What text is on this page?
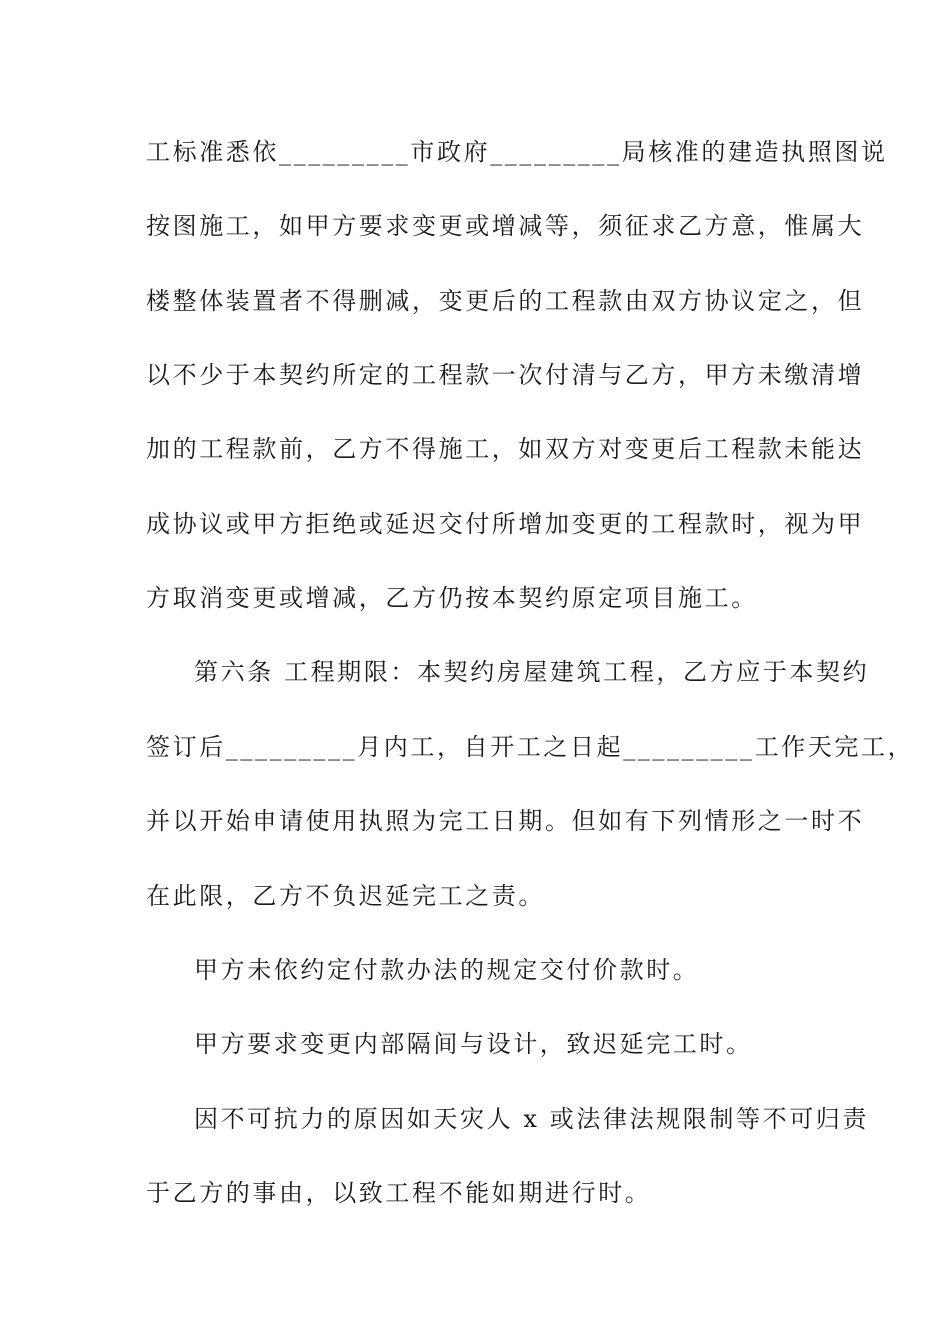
工标准悉依_________市政府_________局核准的建造执照图说

按图施工，如甲方要求变更或增减等，须征求乙方意，惟属大

楼整体装置者不得删减，变更后的工程款由双方协议定之，但

以不少于本契约所定的工程款一次付清与乙方，甲方未缴清增

加的工程款前，乙方不得施工，如双方对变更后工程款未能达

成协议或甲方拒绝或延迟交付所增加变更的工程款时，视为甲

方取消变更或增减，乙方仍按本契约原定项目施工。

第六条 工程期限：本契约房屋建筑工程，乙方应于本契约

签订后_________月内工，自开工之日起_________工作天完工，

并以开始申请使用执照为完工日期。但如有下列情形之一时不

在此限，乙方不负迟延完工之责。

甲方未依约定付款办法的规定交付价款时。

甲方要求变更内部隔间与设计，致迟延完工时。

因不可抗力的原因如天灾人 x 或法律法规限制等不可归责

于乙方的事由，以致工程不能如期进行时。
